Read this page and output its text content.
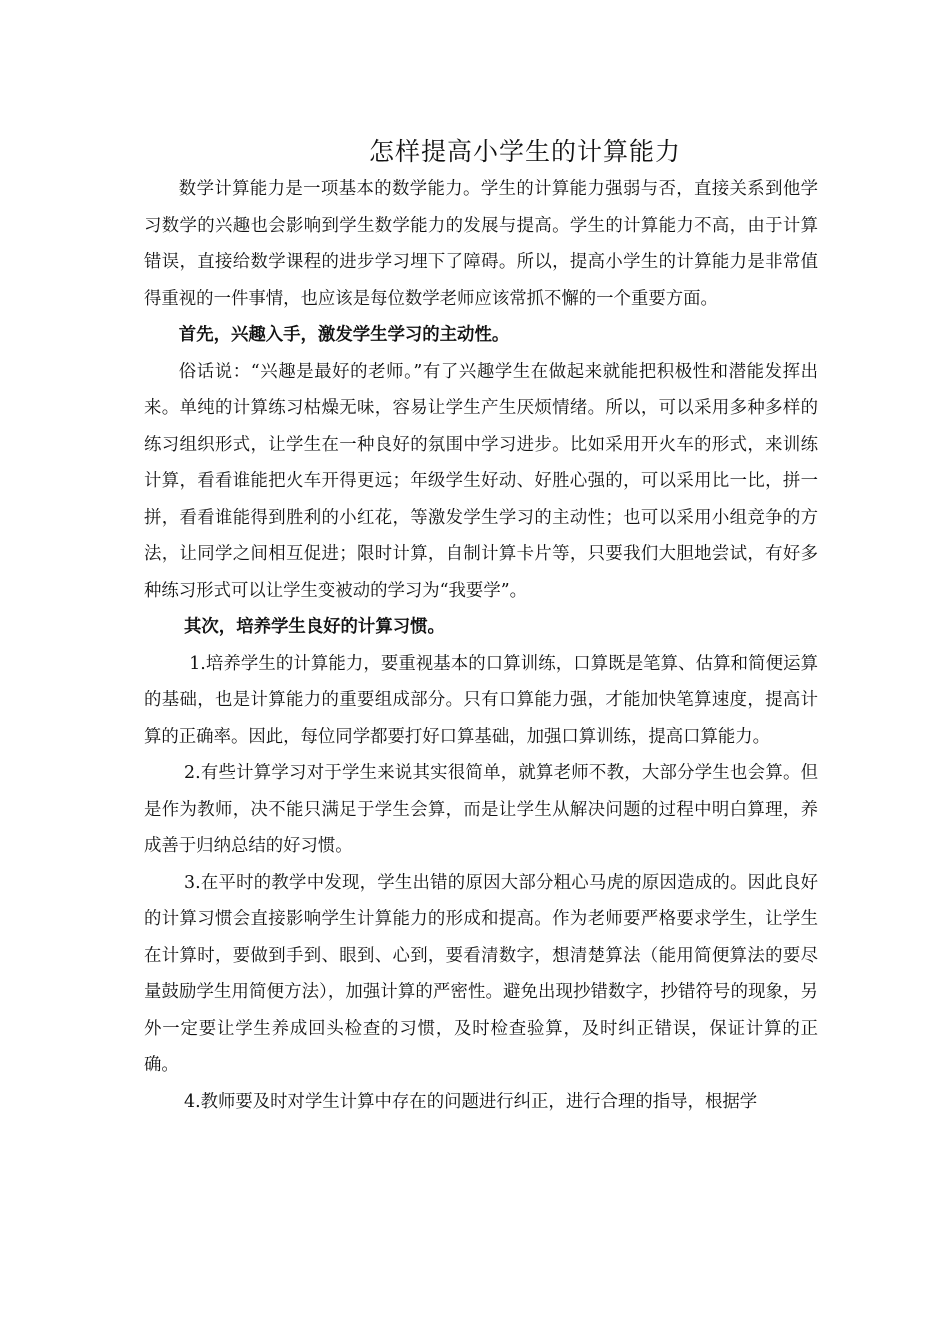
怎样提高小学生的计算能力

数学计算能力是一项基本的数学能力。学生的计算能力强弱与否，直接关系到他学习数学的兴趣也会影响到学生数学能力的发展与提高。学生的计算能力不高，由于计算错误，直接给数学课程的进步学习埋下了障碍。所以，提高小学生的计算能力是非常值得重视的一件事情，也应该是每位数学老师应该常抓不懈的一个重要方面。

首先，兴趣入手，激发学生学习的主动性。

俗话说：“兴趣是最好的老师。”有了兴趣学生在做起来就能把积极性和潜能发挥出来。单纯的计算练习枯燥无味，容易让学生产生厌烦情绪。所以，可以采用多种多样的练习组织形式，让学生在一种良好的氛围中学习进步。比如采用开火车的形式，来训练计算，看看谁能把火车开得更远；年级学生好动、好胜心强的，可以采用比一比，拼一拼，看看谁能得到胜利的小红花，等激发学生学习的主动性；也可以采用小组竞争的方法，让同学之间相互促进；限时计算，自制计算卡片等，只要我们大胆地尝试，有好多种练习形式可以让学生变被动的学习为“我要学”。

其次，培养学生良好的计算习惯。

1.培养学生的计算能力，要重视基本的口算训练，口算既是笔算、估算和简便运算的基础，也是计算能力的重要组成部分。只有口算能力强，才能加快笔算速度，提高计算的正确率。因此，每位同学都要打好口算基础，加强口算训练，提高口算能力。

2.有些计算学习对于学生来说其实很简单，就算老师不教，大部分学生也会算。但是作为教师，决不能只满足于学生会算，而是让学生从解决问题的过程中明白算理，养成善于归纳总结的好习惯。

3.在平时的教学中发现，学生出错的原因大部分粗心马虎的原因造成的。因此良好的计算习惯会直接影响学生计算能力的形成和提高。作为老师要严格要求学生，让学生在计算时，要做到手到、眼到、心到，要看清数字，想清楚算法（能用简便算法的要尽量鼓励学生用简便方法），加强计算的严密性。避免出现抄错数字，抄错符号的现象，另外一定要让学生养成回头检查的习惯，及时检查验算，及时纠正错误，保证计算的正确。

4.教师要及时对学生计算中存在的问题进行纠正，进行合理的指导，根据学
